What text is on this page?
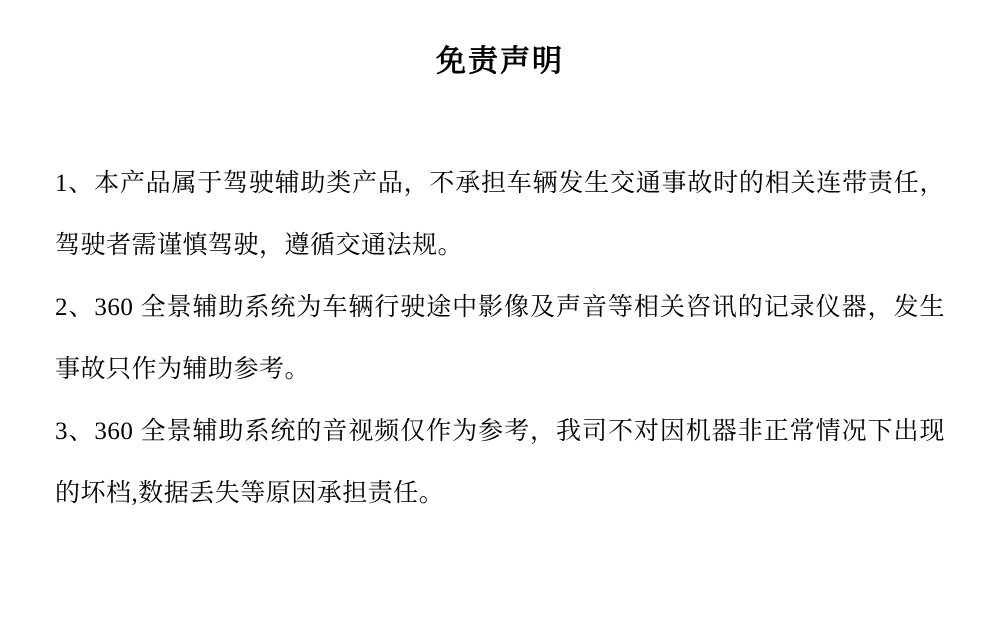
免责声明

1、本产品属于驾驶辅助类产品，不承担车辆发生交通事故时的相关连带责任，驾驶者需谨慎驾驶，遵循交通法规。

2、360 全景辅助系统为车辆行驶途中影像及声音等相关咨讯的记录仪器，发生事故只作为辅助参考。

3、360 全景辅助系统的音视频仅作为参考，我司不对因机器非正常情况下出现的坏档,数据丢失等原因承担责任。
